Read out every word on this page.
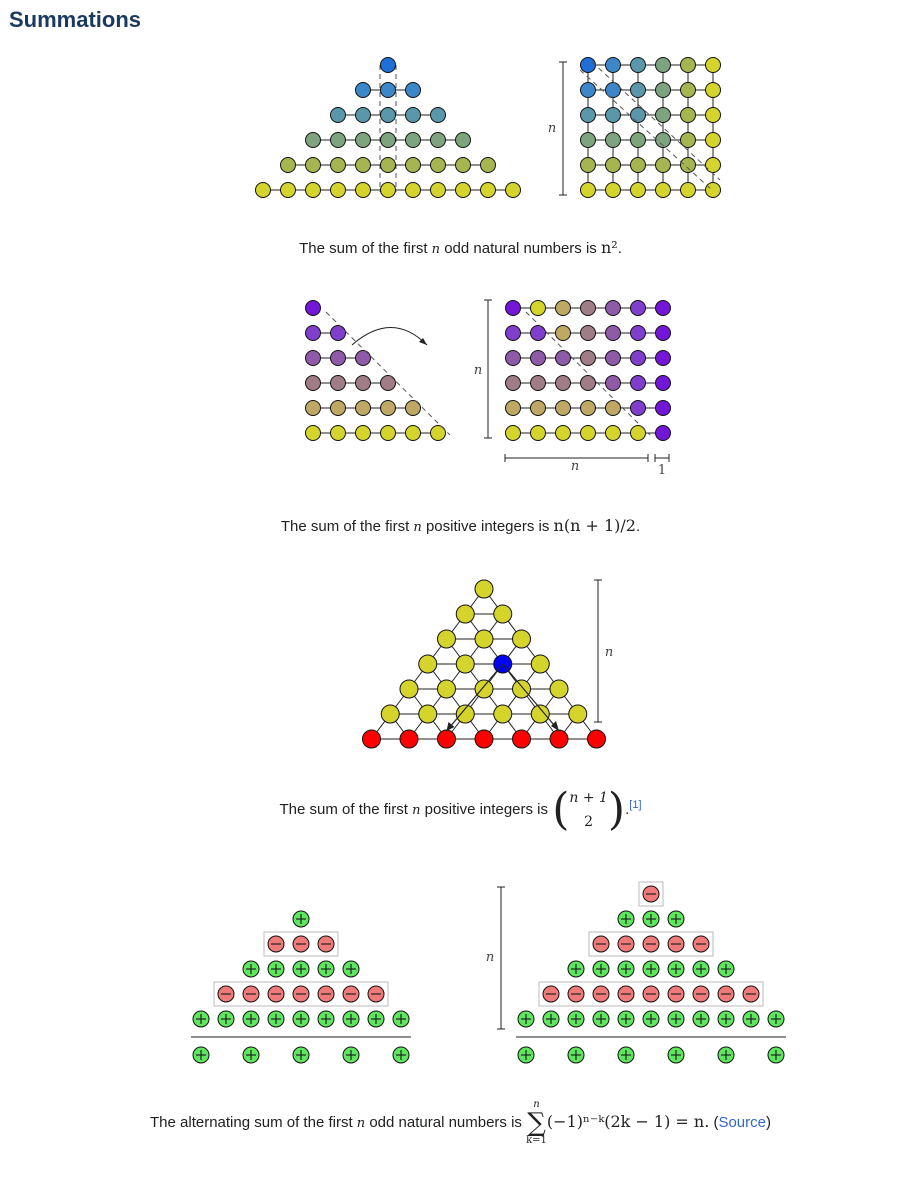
Summations
n
The sum of the first n odd natural numbers is n².
n
n	1
The sum of the first n positive integers is n(n + 1)/2.
n
The sum of the first n positive integers is (n + 1
2 ).[1]
n
The alternating sum of the first n odd natural numbers is
n
∑
k=1
(−1)ⁿ⁻ᵏ(2k − 1) = n. (Source)
